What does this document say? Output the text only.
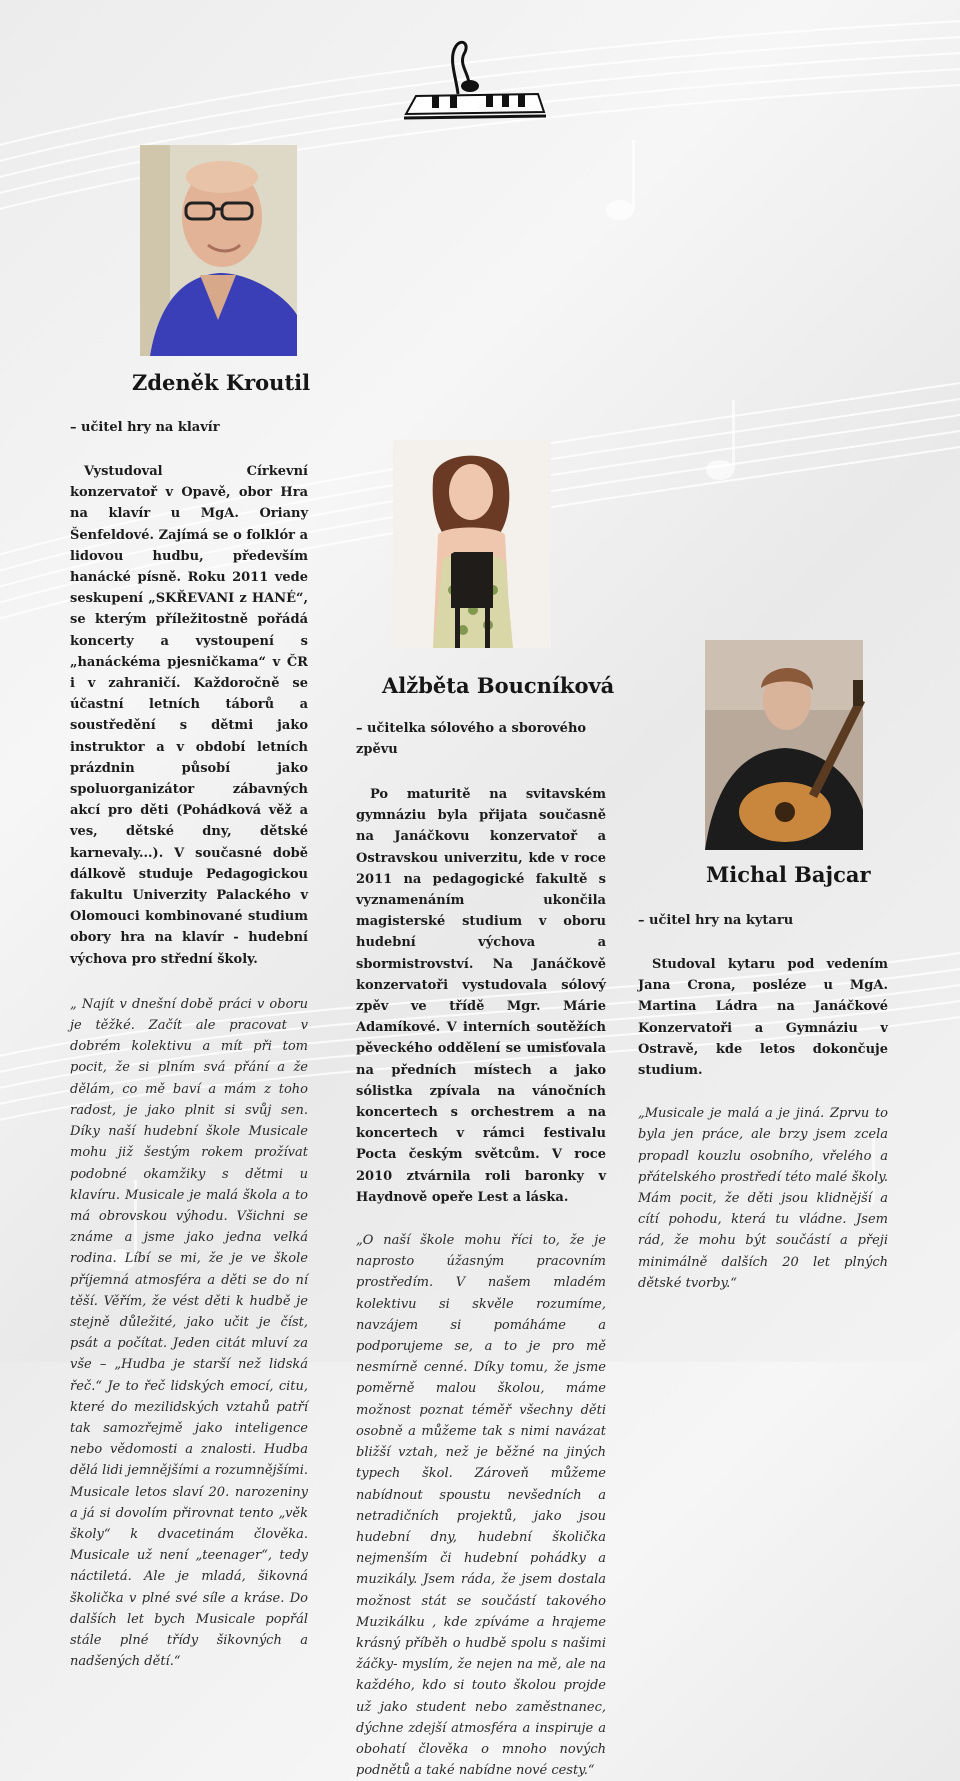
Zdeněk Kroutil
– učitel hry na klavír

Vystudoval Církevní konzervatoř v Opavě, obor Hra na klavír u MgA. Oriany Šenfeldové. Zajímá se o folklór a lidovou hudbu, především hanácké písně. Roku 2011 vede seskupení „SKŘEVANI z HANÉ“, se kterým příležitostně pořádá koncerty a vystoupení s „hanáckéma pjesničkama“ v ČR i v zahraničí. Každoročně se účastní letních táborů a soustředění s dětmi jako instruktor a v období letních prázdnin působí jako spoluorganizátor zábavných akcí pro děti (Pohádková věž a ves, dětské dny, dětské karnevaly...). V současné době dálkově studuje Pedagogickou fakultu Univerzity Palackého v Olomouci kombinované studium obory hra na klavír - hudební výchova pro střední školy.

„ Najít v dnešní době práci v oboru je těžké. Začít ale pracovat v dobrém kolektivu a mít při tom pocit, že si plním svá přání a že dělám, co mě baví a mám z toho radost, je jako plnit si svůj sen. Díky naší hudební škole Musicale mohu již šestým rokem prožívat podobné okamžiky s dětmi u klavíru. Musicale je malá škola a to má obrovskou výhodu. Všichni se známe a jsme jako jedna velká rodina. Líbí se mi, že je ve škole příjemná atmosféra a děti se do ní těší. Věřím, že vést děti k hudbě je stejně důležité, jako učit je číst, psát a počítat. Jeden citát mluví za vše – „Hudba je starší než lidská řeč.“ Je to řeč lidských emocí, citu, které do mezilidských vztahů patří tak samozřejmě jako inteligence nebo vědomosti a znalosti. Hudba dělá lidi jemnějšími a rozumnějšími. Musicale letos slaví 20. narozeniny a já si dovolím přirovnat tento „věk školy“ k dvacetinám člověka. Musicale už není „teenager“, tedy náctiletá. Ale je mladá, šikovná školička v plné své síle a kráse. Do dalších let bych Musicale popřál stále plné třídy šikovných a nadšených dětí.“

Alžběta Boucníková
– učitelka sólového a sborového zpěvu

Po maturitě na svitavském gymnáziu byla přijata současně na Janáčkovu konzervatoř a Ostravskou univerzitu, kde v roce 2011 na pedagogické fakultě s vyznamenáním ukončila magisterské studium v oboru hudební výchova a sbormistrovství. Na Janáčkově konzervatoři vystudovala sólový zpěv ve třídě Mgr. Márie Adamíkové. V interních soutěžích pěveckého oddělení se umisťovala na předních místech a jako sólistka zpívala na vánočních koncertech s orchestrem a na koncertech v rámci festivalu Pocta českým světcům. V roce 2010 ztvárnila roli baronky v Haydnově opeře Lest a láska.

„O naší škole mohu říci to, že je naprosto úžasným pracovním prostředím. V našem mladém kolektivu si skvěle rozumíme, navzájem si pomáháme a podporujeme se, a to je pro mě nesmírně cenné. Díky tomu, že jsme poměrně malou školou, máme možnost poznat téměř všechny děti osobně a můžeme tak s nimi navázat bližší vztah, než je běžné na jiných typech škol. Zároveň můžeme nabídnout spoustu nevšedních a netradičních projektů, jako jsou hudební dny, hudební školička nejmenším či hudební pohádky a muzikály. Jsem ráda, že jsem dostala možnost stát se součástí takového Muzikálku , kde zpíváme a hrajeme krásný příběh o hudbě spolu s našimi žáčky- myslím, že nejen na mě, ale na každého, kdo si touto školou projde už jako student nebo zaměstnanec, dýchne zdejší atmosféra a inspiruje a obohatí člověka o mnoho nových podnětů a také nabídne nové cesty.“

Michal Bajcar
– učitel hry na kytaru

Studoval kytaru pod vedením Jana Crona, posléze u MgA. Martina Ládra na Janáčkové Konzervatoři a Gymnáziu v Ostravě, kde letos dokončuje studium.

„Musicale je malá a je jiná. Zprvu to byla jen práce, ale brzy jsem zcela propadl kouzlu osobního, vřelého a přátelského prostředí této malé školy. Mám pocit, že děti jsou klidnější a cítí pohodu, která tu vládne. Jsem rád, že mohu být součástí a přeji minimálně dalších 20 let plných dětské tvorby.“
